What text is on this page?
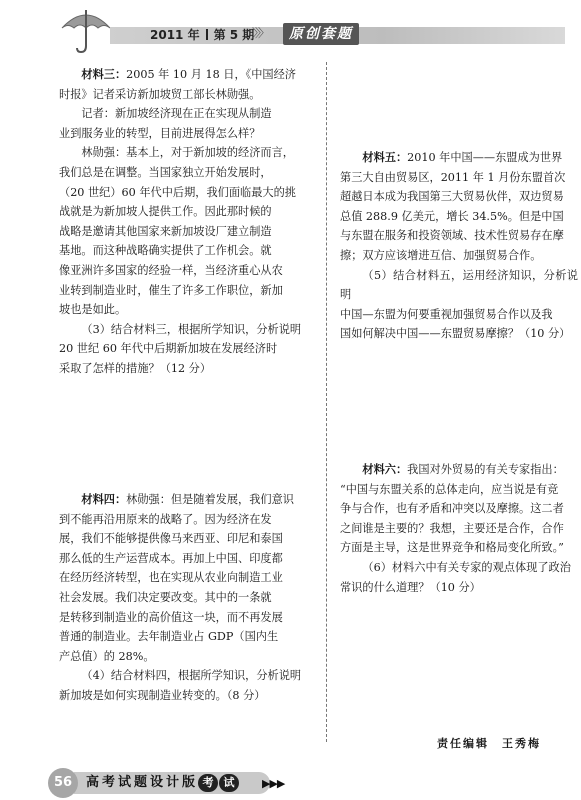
2011 年 第 5 期
〉〉〉	原创套题

材料三：2005 年 10 月 18 日，《中国经济

时报》记者采访新加坡贸工部长林勋强。

记者：新加坡经济现在正在实现从制造

业到服务业的转型，目前进展得怎么样？

林勋强：基本上，对于新加坡的经济而言，

我们总是在调整。当国家独立开始发展时，

（20 世纪）60 年代中后期，我们面临最大的挑

战就是为新加坡人提供工作。因此那时候的

战略是邀请其他国家来新加坡设厂建立制造

基地。而这种战略确实提供了工作机会。就

像亚洲许多国家的经验一样，当经济重心从农

业转到制造业时，催生了许多工作职位，新加

坡也是如此。

（3）结合材料三，根据所学知识，分析说明

20 世纪 60 年代中后期新加坡在发展经济时

采取了怎样的措施？（12 分）

材料四：林勋强：但是随着发展，我们意识

到不能再沿用原来的战略了。因为经济在发

展，我们不能够提供像马来西亚、印尼和泰国

那么低的生产运营成本。再加上中国、印度都

在经历经济转型，也在实现从农业向制造工业

社会发展。我们决定要改变。其中的一条就

是转移到制造业的高价值这一块，而不再发展

普通的制造业。去年制造业占 GDP（国内生

产总值）的 28%。

（4）结合材料四，根据所学知识，分析说明

新加坡是如何实现制造业转变的。（8 分）

材料五：2010 年中国——东盟成为世界

第三大自由贸易区，2011 年 1 月份东盟首次

超越日本成为我国第三大贸易伙伴，双边贸易

总值 288.9 亿美元，增长 34.5%。但是中国

与东盟在服务和投资领域、技术性贸易存在摩

擦；双方应该增进互信、加强贸易合作。

（5）结合材料五，运用经济知识，分析说明

中国—东盟为何要重视加强贸易合作以及我

国如何解决中国——东盟贸易摩擦？（10 分）

材料六：我国对外贸易的有关专家指出：

“中国与东盟关系的总体走向，应当说是有竞

争与合作，也有矛盾和冲突以及摩擦。这二者

之间谁是主要的？我想，主要还是合作，合作

方面是主导，这是世界竞争和格局变化所致。”

（6）材料六中有关专家的观点体现了政治

常识的什么道理？（10 分）

责任编辑　王秀梅
56	高考试题设计版 考 试	▶▶▶
